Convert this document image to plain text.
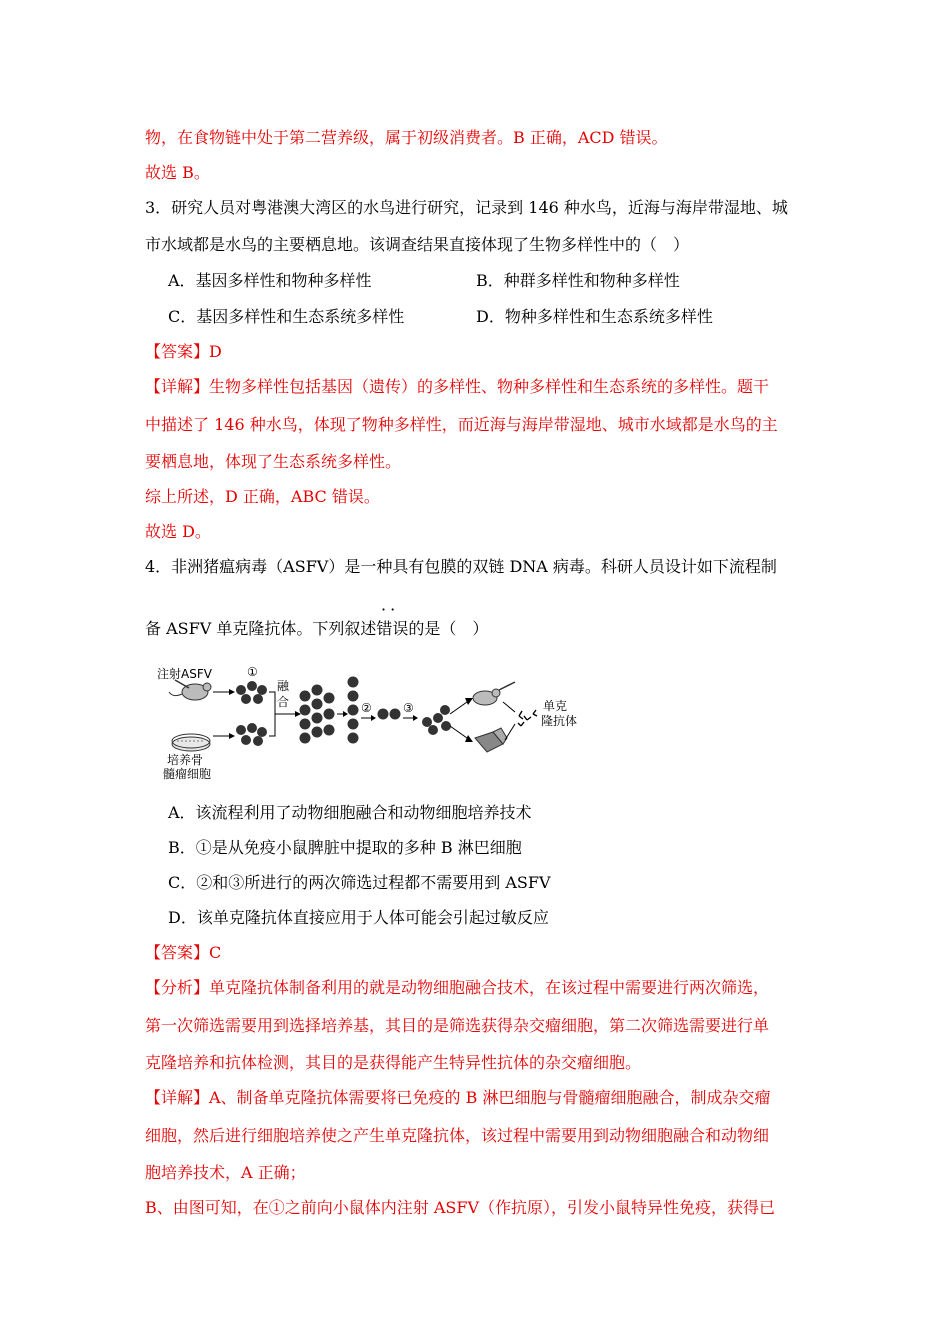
物，在食物链中处于第二营养级，属于初级消费者。B 正确，ACD 错误。
故选 B。
3．研究人员对粤港澳大湾区的水鸟进行研究，记录到 146 种水鸟，近海与海岸带湿地、城
市水域都是水鸟的主要栖息地。该调查结果直接体现了生物多样性中的（　）
A．基因多样性和物种多样性	B．种群多样性和物种多样性
C．基因多样性和生态系统多样性	D．物种多样性和生态系统多样性
【答案】D
【详解】生物多样性包括基因（遗传）的多样性、物种多样性和生态系统的多样性。题干
中描述了 146 种水鸟，体现了物种多样性，而近海与海岸带湿地、城市水域都是水鸟的主
要栖息地，体现了生态系统多样性。
综上所述，D 正确，ABC 错误。
故选 D。
4．非洲猪瘟病毒（ASFV）是一种具有包膜的双链 DNA 病毒。科研人员设计如下流程制
··
备 ASFV 单克隆抗体。下列叙述错误的是（　）
注射ASFV
培养骨
髓瘤细胞
①
融
合	②	③	单克
隆抗体
A．该流程利用了动物细胞融合和动物细胞培养技术
B．①是从免疫小鼠脾脏中提取的多种 B 淋巴细胞
C．②和③所进行的两次筛选过程都不需要用到 ASFV
D．该单克隆抗体直接应用于人体可能会引起过敏反应
【答案】C
【分析】单克隆抗体制备利用的就是动物细胞融合技术，在该过程中需要进行两次筛选，
第一次筛选需要用到选择培养基，其目的是筛选获得杂交瘤细胞，第二次筛选需要进行单
克隆培养和抗体检测，其目的是获得能产生特异性抗体的杂交瘤细胞。
【详解】A、制备单克隆抗体需要将已免疫的 B 淋巴细胞与骨髓瘤细胞融合，制成杂交瘤
细胞，然后进行细胞培养使之产生单克隆抗体，该过程中需要用到动物细胞融合和动物细
胞培养技术，A 正确；
B、由图可知，在①之前向小鼠体内注射 ASFV（作抗原），引发小鼠特异性免疫，获得已
